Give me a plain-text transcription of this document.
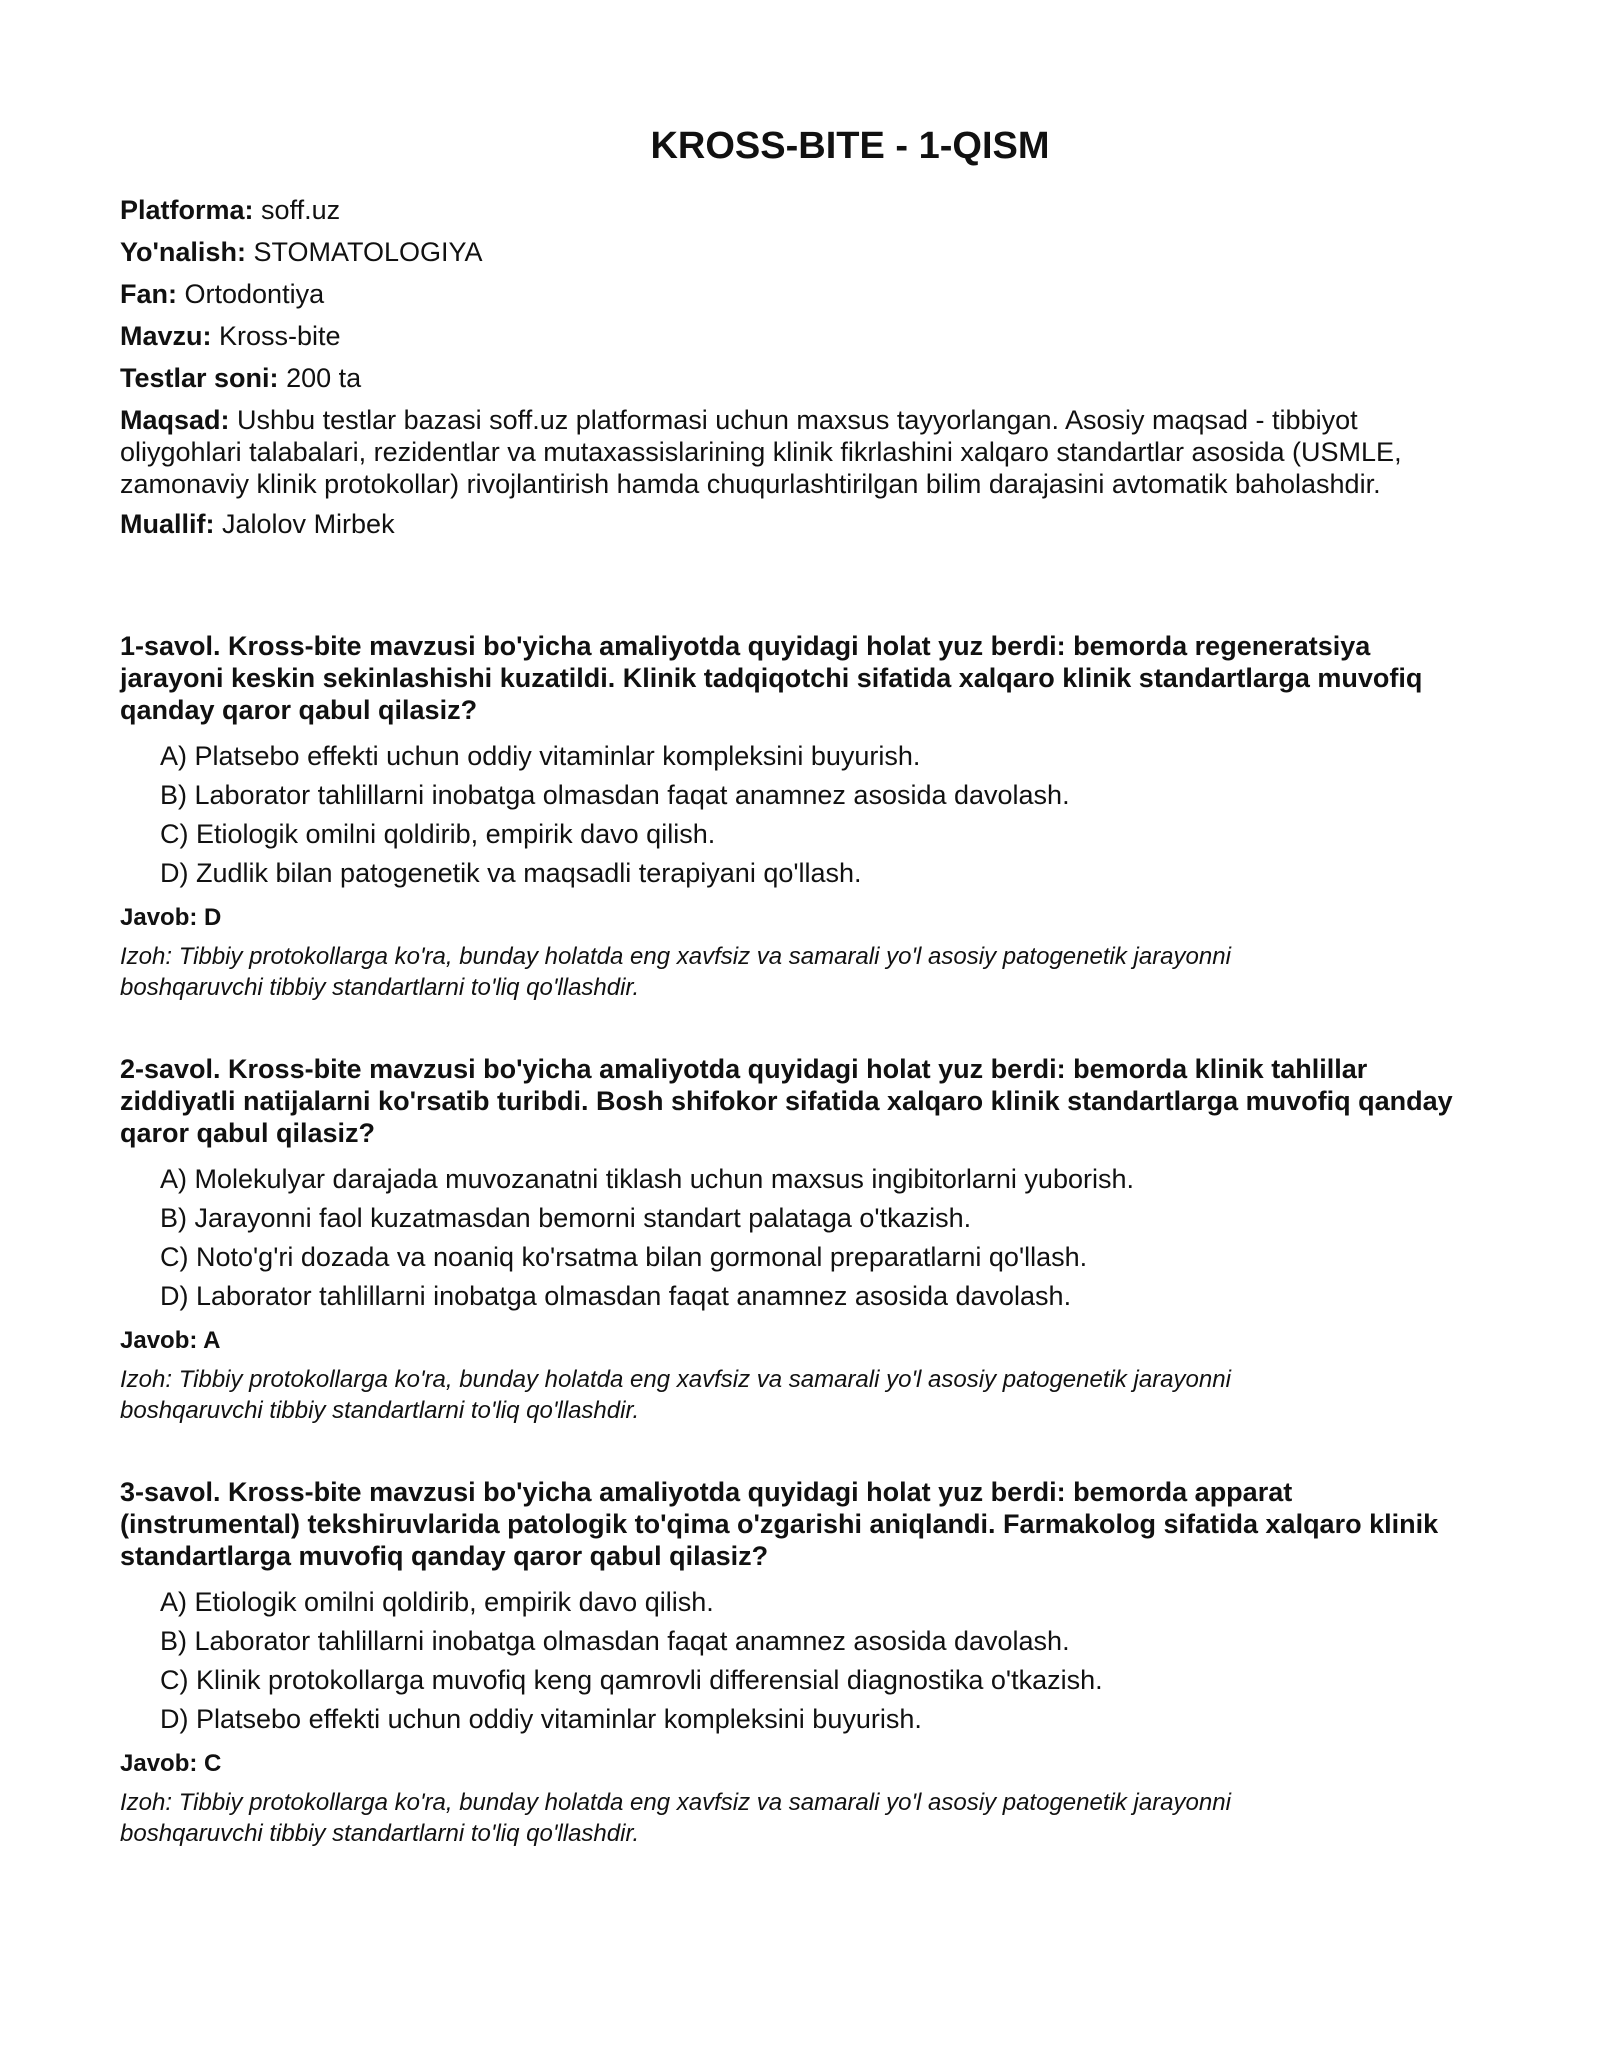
KROSS-BITE - 1-QISM
Platforma: soff.uz
Yo'nalish: STOMATOLOGIYA
Fan: Ortodontiya
Mavzu: Kross-bite
Testlar soni: 200 ta
Maqsad: Ushbu testlar bazasi soff.uz platformasi uchun maxsus tayyorlangan. Asosiy maqsad - tibbiyot oliygohlari talabalari, rezidentlar va mutaxassislarining klinik fikrlashini xalqaro standartlar asosida (USMLE, zamonaviy klinik protokollar) rivojlantirish hamda chuqurlashtirilgan bilim darajasini avtomatik baholashdir.
Muallif: Jalolov Mirbek

1-savol. Kross-bite mavzusi bo'yicha amaliyotda quyidagi holat yuz berdi: bemorda regeneratsiya jarayoni keskin sekinlashishi kuzatildi. Klinik tadqiqotchi sifatida xalqaro klinik standartlarga muvofiq qanday qaror qabul qilasiz?

A) Platsebo effekti uchun oddiy vitaminlar kompleksini buyurish.
B) Laborator tahlillarni inobatga olmasdan faqat anamnez asosida davolash.
C) Etiologik omilni qoldirib, empirik davo qilish.
D) Zudlik bilan patogenetik va maqsadli terapiyani qo'llash.
Javob: D
Izoh: Tibbiy protokollarga ko'ra, bunday holatda eng xavfsiz va samarali yo'l asosiy patogenetik jarayonni boshqaruvchi tibbiy standartlarni to'liq qo'llashdir.

2-savol. Kross-bite mavzusi bo'yicha amaliyotda quyidagi holat yuz berdi: bemorda klinik tahlillar ziddiyatli natijalarni ko'rsatib turibdi. Bosh shifokor sifatida xalqaro klinik standartlarga muvofiq qanday qaror qabul qilasiz?

A) Molekulyar darajada muvozanatni tiklash uchun maxsus ingibitorlarni yuborish.
B) Jarayonni faol kuzatmasdan bemorni standart palataga o'tkazish.
C) Noto'g'ri dozada va noaniq ko'rsatma bilan gormonal preparatlarni qo'llash.
D) Laborator tahlillarni inobatga olmasdan faqat anamnez asosida davolash.
Javob: A
Izoh: Tibbiy protokollarga ko'ra, bunday holatda eng xavfsiz va samarali yo'l asosiy patogenetik jarayonni boshqaruvchi tibbiy standartlarni to'liq qo'llashdir.

3-savol. Kross-bite mavzusi bo'yicha amaliyotda quyidagi holat yuz berdi: bemorda apparat (instrumental) tekshiruvlarida patologik to'qima o'zgarishi aniqlandi. Farmakolog sifatida xalqaro klinik standartlarga muvofiq qanday qaror qabul qilasiz?

A) Etiologik omilni qoldirib, empirik davo qilish.
B) Laborator tahlillarni inobatga olmasdan faqat anamnez asosida davolash.
C) Klinik protokollarga muvofiq keng qamrovli differensial diagnostika o'tkazish.
D) Platsebo effekti uchun oddiy vitaminlar kompleksini buyurish.
Javob: C
Izoh: Tibbiy protokollarga ko'ra, bunday holatda eng xavfsiz va samarali yo'l asosiy patogenetik jarayonni boshqaruvchi tibbiy standartlarni to'liq qo'llashdir.
